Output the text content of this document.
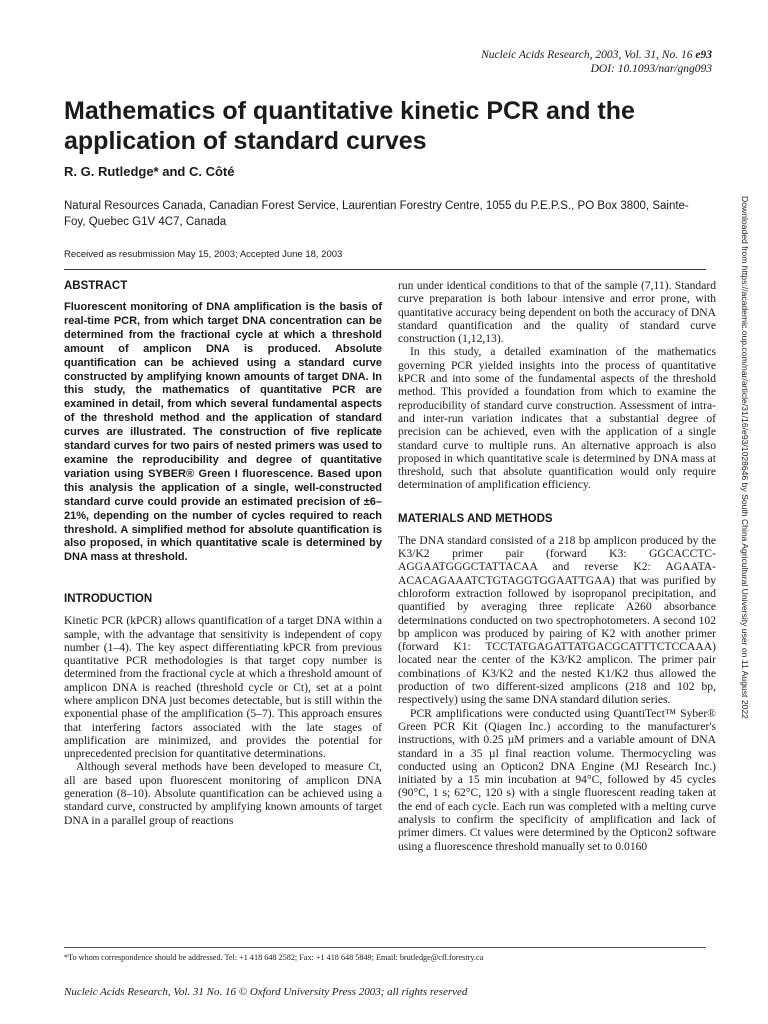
Nucleic Acids Research, 2003, Vol. 31, No. 16 e93
DOI: 10.1093/nar/gng093
Mathematics of quantitative kinetic PCR and the application of standard curves

R. G. Rutledge* and C. Côté

Natural Resources Canada, Canadian Forest Service, Laurentian Forestry Centre, 1055 du P.E.P.S., PO Box 3800, Sainte-Foy, Quebec G1V 4C7, Canada

Received as resubmission May 15, 2003; Accepted June 18, 2003

ABSTRACT

Fluorescent monitoring of DNA amplification is the basis of real-time PCR, from which target DNA concentration can be determined from the fractional cycle at which a threshold amount of amplicon DNA is produced. Absolute quantification can be achieved using a standard curve constructed by amplifying known amounts of target DNA. In this study, the mathematics of quantitative PCR are examined in detail, from which several fundamental aspects of the threshold method and the application of standard curves are illustrated. The construction of five replicate standard curves for two pairs of nested primers was used to examine the reproducibility and degree of quantitative variation using SYBER® Green I fluorescence. Based upon this analysis the application of a single, well-constructed standard curve could provide an estimated precision of ±6–21%, depending on the number of cycles required to reach threshold. A simplified method for absolute quantification is also proposed, in which quantitative scale is determined by DNA mass at threshold.

INTRODUCTION

Kinetic PCR (kPCR) allows quantification of a target DNA within a sample, with the advantage that sensitivity is independent of copy number (1–4). The key aspect differentiating kPCR from previous quantitative PCR methodologies is that target copy number is determined from the fractional cycle at which a threshold amount of amplicon DNA is reached (threshold cycle or Ct), set at a point where amplicon DNA just becomes detectable, but is still within the exponential phase of the amplification (5–7). This approach ensures that interfering factors associated with the late stages of amplification are minimized, and provides the potential for unprecedented precision for quantitative determinations.

Although several methods have been developed to measure Ct, all are based upon fluorescent monitoring of amplicon DNA generation (8–10). Absolute quantification can be achieved using a standard curve, constructed by amplifying known amounts of target DNA in a parallel group of reactions

run under identical conditions to that of the sample (7,11). Standard curve preparation is both labour intensive and error prone, with quantitative accuracy being dependent on both the accuracy of DNA standard quantification and the quality of standard curve construction (1,12,13).

In this study, a detailed examination of the mathematics governing PCR yielded insights into the process of quantitative kPCR and into some of the fundamental aspects of the threshold method. This provided a foundation from which to examine the reproducibility of standard curve construction. Assessment of intra- and inter-run variation indicates that a substantial degree of precision can be achieved, even with the application of a single standard curve to multiple runs. An alternative approach is also proposed in which quantitative scale is determined by DNA mass at threshold, such that absolute quantification would only require determination of amplification efficiency.

MATERIALS AND METHODS

The DNA standard consisted of a 218 bp amplicon produced by the K3/K2 primer pair (forward K3: GGCACCTC-AGGAATGGGCTATTACAA and reverse K2: AGAATA-ACACAGAAATCTGTAGGTGGAATTGAA) that was purified by chloroform extraction followed by isopropanol precipitation, and quantified by averaging three replicate A260 absorbance determinations conducted on two spectrophotometers. A second 102 bp amplicon was produced by pairing of K2 with another primer (forward K1: TCCTATGAGATTATGACGCATTTCTCCAAA) located near the center of the K3/K2 amplicon. The primer pair combinations of K3/K2 and the nested K1/K2 thus allowed the production of two different-sized amplicons (218 and 102 bp, respectively) using the same DNA standard dilution series.

PCR amplifications were conducted using QuantiTect™ Syber® Green PCR Kit (Qiagen Inc.) according to the manufacturer's instructions, with 0.25 µM primers and a variable amount of DNA standard in a 35 µl final reaction volume. Thermocycling was conducted using an Opticon2 DNA Engine (MJ Research Inc.) initiated by a 15 min incubation at 94°C, followed by 45 cycles (90°C, 1 s; 62°C, 120 s) with a single fluorescent reading taken at the end of each cycle. Each run was completed with a melting curve analysis to confirm the specificity of amplification and lack of primer dimers. Ct values were determined by the Opticon2 software using a fluorescence threshold manually set to 0.0160

*To whom correspondence should be addressed. Tel: +1 418 648 2582; Fax: +1 418 648 5849; Email: brutledge@cfl.forestry.ca

Nucleic Acids Research, Vol. 31 No. 16 © Oxford University Press 2003; all rights reserved

Downloaded from https://academic.oup.com/nar/article/31/16/e93/1028646 by South China Agricultural University user on 11 August 2022
